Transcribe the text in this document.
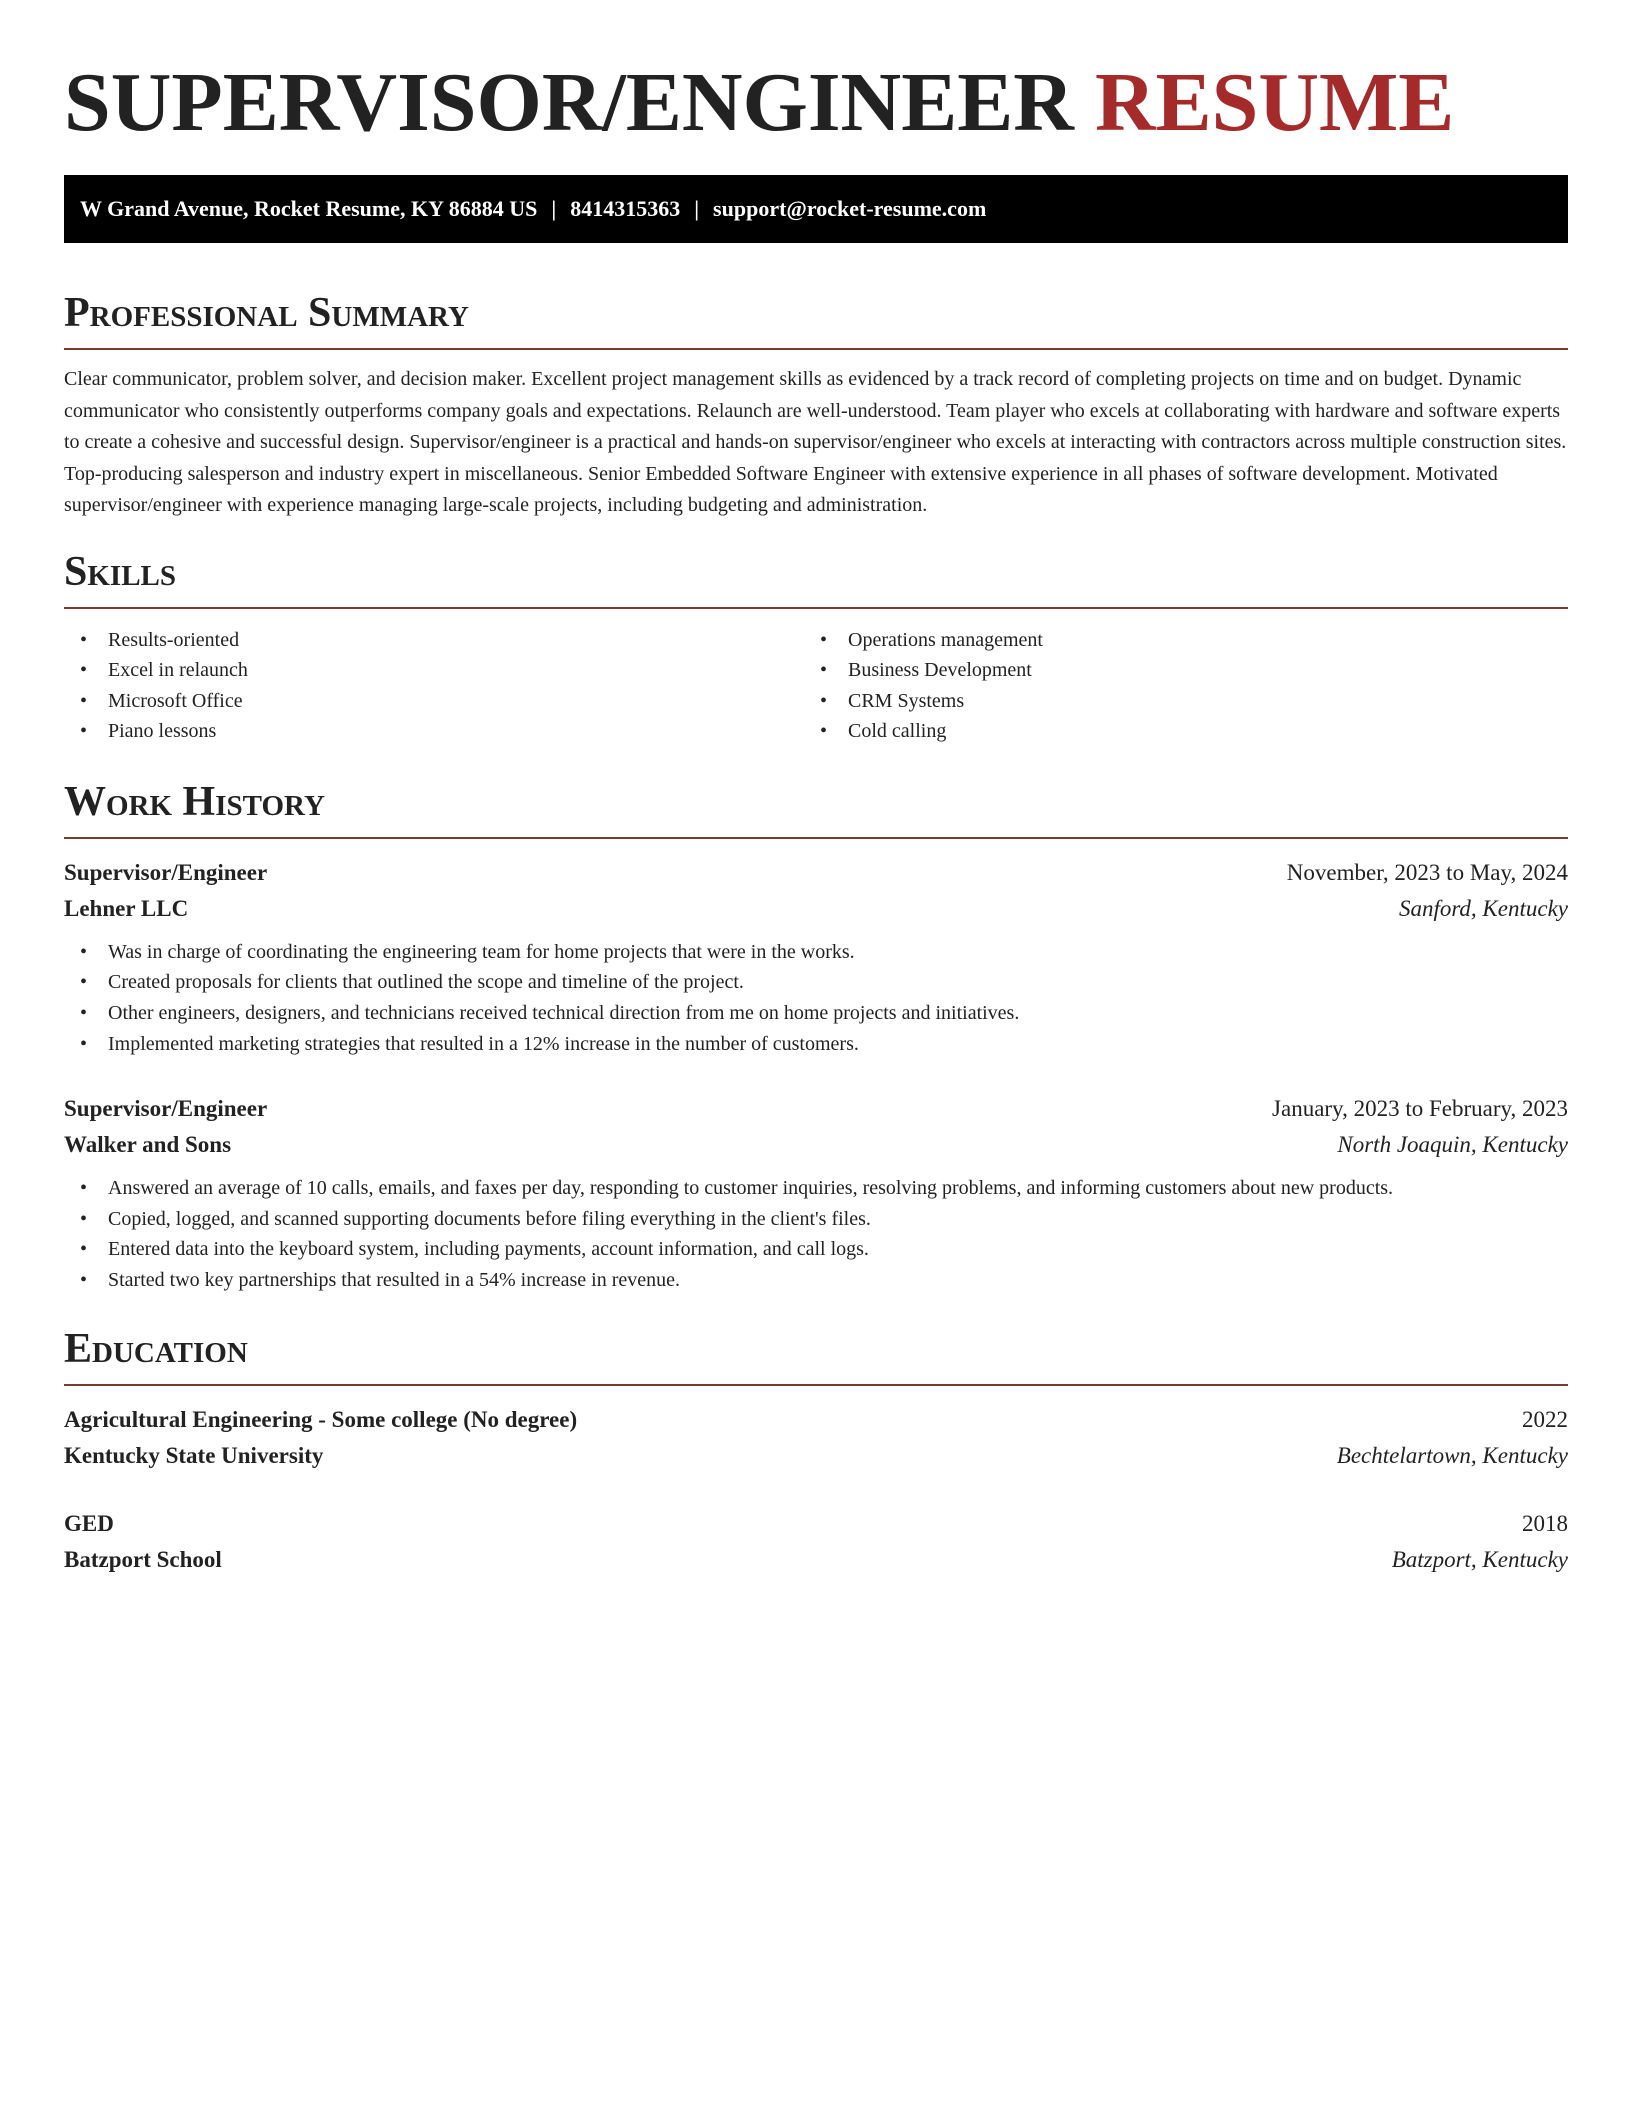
SUPERVISOR/ENGINEER RESUME
W Grand Avenue, Rocket Resume, KY 86884 US | 8414315363 | support@rocket-resume.com
Professional Summary

Clear communicator, problem solver, and decision maker. Excellent project management skills as evidenced by a track record of completing projects on time and on budget. Dynamic communicator who consistently outperforms company goals and expectations. Relaunch are well-understood. Team player who excels at collaborating with hardware and software experts to create a cohesive and successful design. Supervisor/engineer is a practical and hands-on supervisor/engineer who excels at interacting with contractors across multiple construction sites. Top-producing salesperson and industry expert in miscellaneous. Senior Embedded Software Engineer with extensive experience in all phases of software development. Motivated supervisor/engineer with experience managing large-scale projects, including budgeting and administration.

Skills
• Results-oriented
• Excel in relaunch
• Microsoft Office
• Piano lessons
• Operations management
• Business Development
• CRM Systems
• Cold calling
Work History
Supervisor/Engineer	November, 2023 to May, 2024
Lehner LLC	Sanford, Kentucky
• Was in charge of coordinating the engineering team for home projects that were in the works.
• Created proposals for clients that outlined the scope and timeline of the project.
• Other engineers, designers, and technicians received technical direction from me on home projects and initiatives.
• Implemented marketing strategies that resulted in a 12% increase in the number of customers.
Supervisor/Engineer	January, 2023 to February, 2023
Walker and Sons	North Joaquin, Kentucky
• Answered an average of 10 calls, emails, and faxes per day, responding to customer inquiries, resolving problems, and informing customers about new products.
• Copied, logged, and scanned supporting documents before filing everything in the client's files.
• Entered data into the keyboard system, including payments, account information, and call logs.
• Started two key partnerships that resulted in a 54% increase in revenue.
Education
Agricultural Engineering - Some college (No degree)	2022
Kentucky State University	Bechtelartown, Kentucky
GED	2018
Batzport School	Batzport, Kentucky
